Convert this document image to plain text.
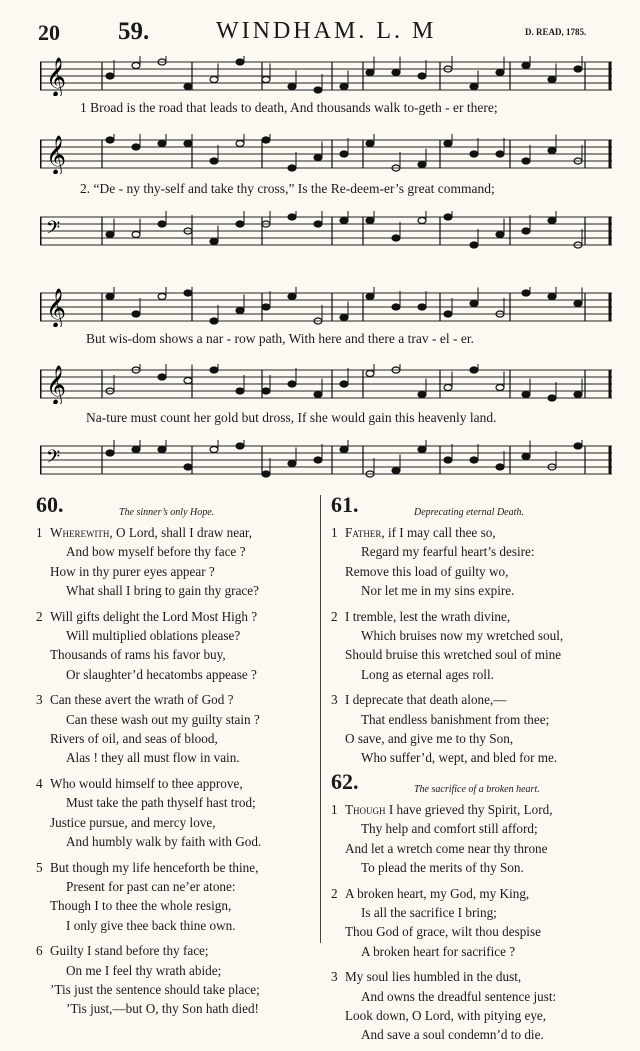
20 59.	WINDHAM. L. M	D. READ, 1785.
𝄞
1 Broad is the road that leads to death, And thousands walk to-geth - er there;
𝄞
2. “De - ny thy-self and take thy cross,” Is the Re-deem-er’s great command;
𝄢
𝄞
But wis-dom shows a nar - row path, With here and there a trav - el - er.
𝄞
Na-ture must count her gold but dross, If she would gain this heavenly land.
𝄢
60.	The sinner’s only Hope.
1 Wherewith, O Lord, shall I draw near,
And bow myself before thy face ?
How in thy purer eyes appear ?
What shall I bring to gain thy grace?
2 Will gifts delight the Lord Most High ?
Will multiplied oblations please?
Thousands of rams his favor buy,
Or slaughter’d hecatombs appease ?
3 Can these avert the wrath of God ?
Can these wash out my guilty stain ?
Rivers of oil, and seas of blood,
Alas ! they all must flow in vain.
4 Who would himself to thee approve,
Must take the path thyself hast trod;
Justice pursue, and mercy love,
And humbly walk by faith with God.
5 But though my life henceforth be thine,
Present for past can ne’er atone:
Though I to thee the whole resign,
I only give thee back thine own.
6 Guilty I stand before thy face;
On me I feel thy wrath abide;
’Tis just the sentence should take place;
’Tis just,—but O, thy Son hath died!
61.	Deprecating eternal Death.
1 Father, if I may call thee so,
Regard my fearful heart’s desire:
Remove this load of guilty wo,
Nor let me in my sins expire.
2 I tremble, lest the wrath divine,
Which bruises now my wretched soul,
Should bruise this wretched soul of mine
Long as eternal ages roll.
3 I deprecate that death alone,—
That endless banishment from thee;
O save, and give me to thy Son,
Who suffer’d, wept, and bled for me.
62.	The sacrifice of a broken heart.
1 Though I have grieved thy Spirit, Lord,
Thy help and comfort still afford;
And let a wretch come near thy throne
To plead the merits of thy Son.
2 A broken heart, my God, my King,
Is all the sacrifice I bring;
Thou God of grace, wilt thou despise
A broken heart for sacrifice ?
3 My soul lies humbled in the dust,
And owns the dreadful sentence just:
Look down, O Lord, with pitying eye,
And save a soul condemn’d to die.
